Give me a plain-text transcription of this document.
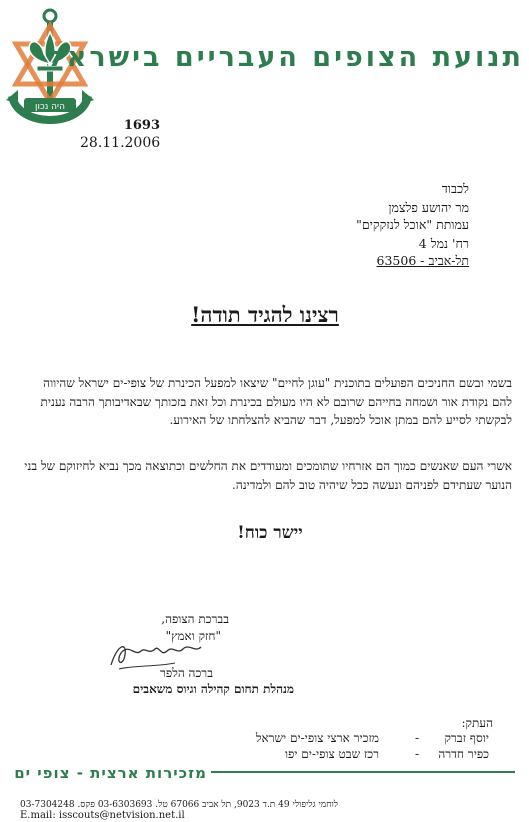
היה נכון
תנועת הצופים העבריים בישראל
1693
28.11.2006
לכבוד
מר יהושע פלצמן
עמותת "אוכל לנזקקים"
רח' נמל 4
תל-אביב - 63506
רצינו להגיד תודה!
בשמי ובשם החניכים הפועלים בתוכנית "עוגן לחיים" שיצאו למפעל הכינרת של צופי-ים ישראל שהיווה להם נקודת אור ושמחה בחייהם שרובם לא היו מעולם בכינרת וכל זאת בזכותך שבאדיבותך הרבה נענית לבקשתי לסייע להם במתן אוכל למפעל, דבר שהביא להצלחתו של האירוע.
אשרי העם שאנשים כמוך הם אזרחיו שתומכים ומעודדים את החלשים וכתוצאה מכך נביא לחיזוקם של בני הנוער שעתידם לפניהם ונעשה ככל שיהיה טוב להם ולמדינה.
יישר כוח!
בברכת הצופה,
"חזק ואמץ"
ברכה הלפר
מנהלת תחום קהילה וגיוס משאבים
העתק:
יוסף זברק
-
מזכיר ארצי צופי-ים ישראל
כפיר חדרה
-
רכז שבט צופי-ים יפו
מזכירות ארצית - צופי ים
לוחמי גליפולי 49 ת.ד 9023, תל אביב 67066 טל. 03-6303693 פקס. 03-7304248
E.mail: isscouts@netvision.net.il
